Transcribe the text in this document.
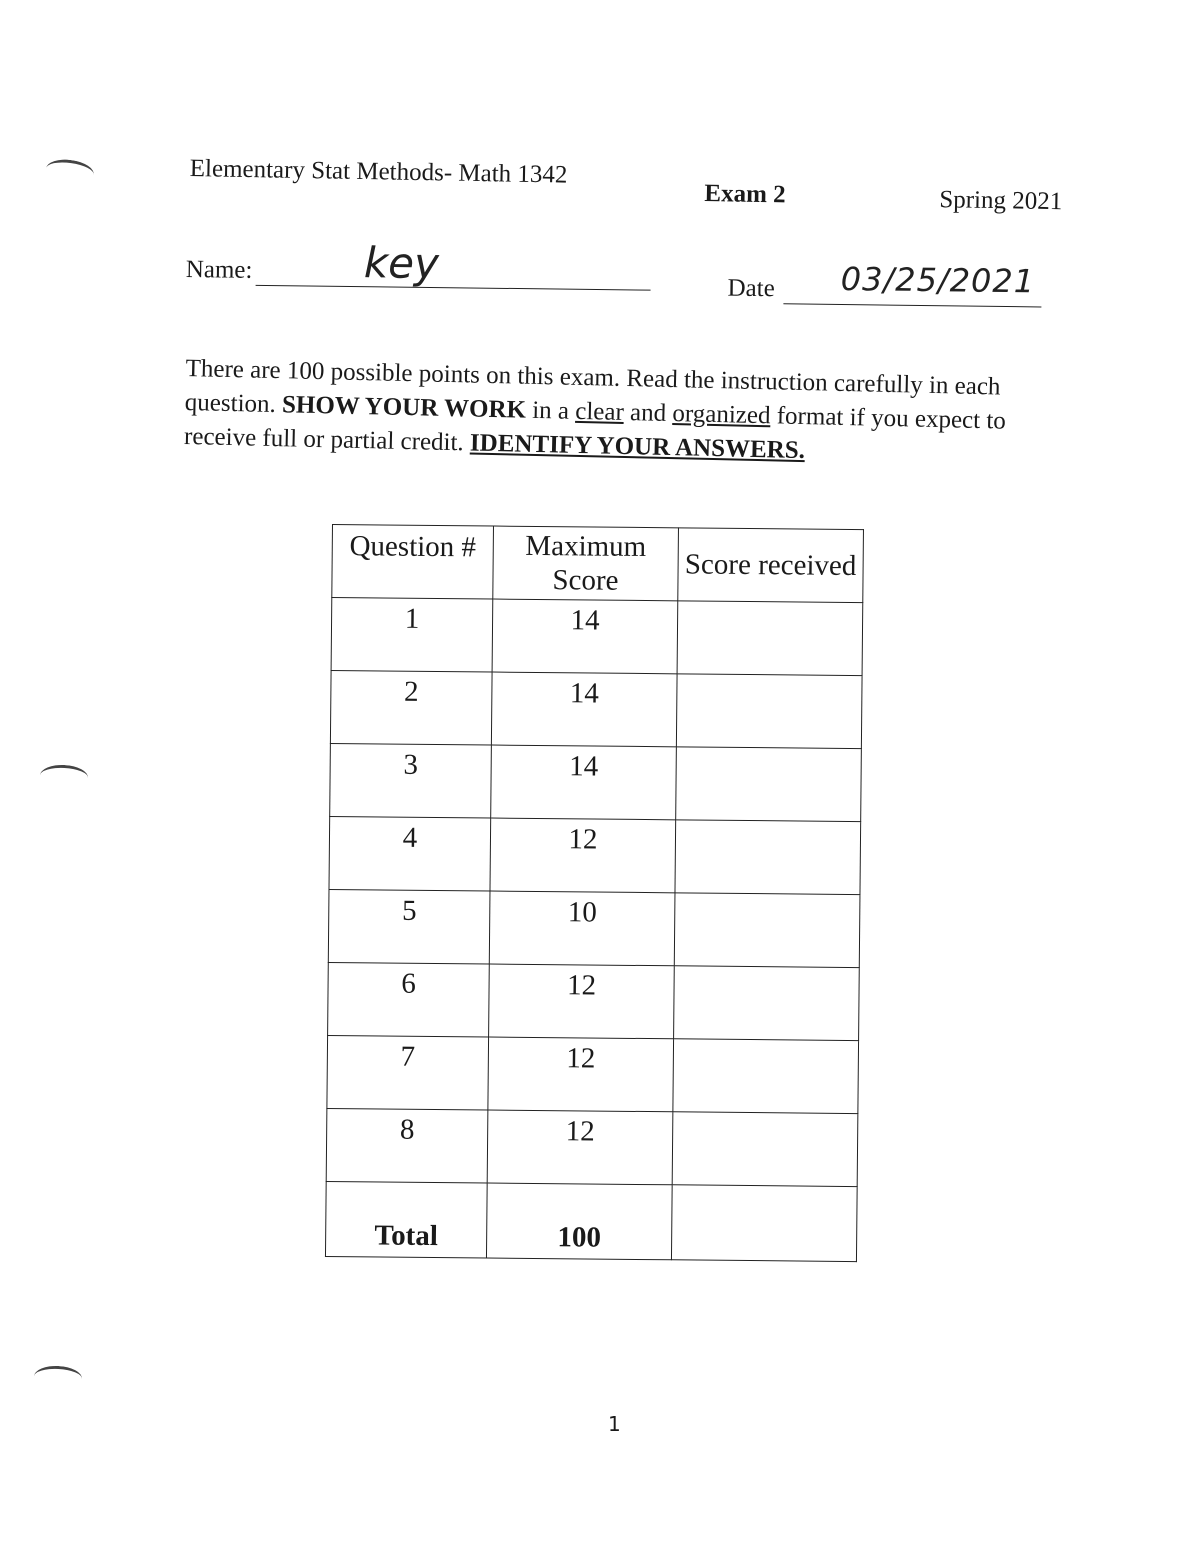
Elementary Stat Methods- Math 1342
Exam 2	Spring 2021
Name:	key
Date 03/25/2021
There are 100 possible points on this exam. Read the instruction carefully in each question. SHOW YOUR WORK in a clear and organized format if you expect to receive full or partial credit. IDENTIFY YOUR ANSWERS.
Question #	Maximum Score	Score received
1	14	
2	14	
3	14	
4	12	
5	10	
6	12	
7	12	
8	12	
Total	100	
1
